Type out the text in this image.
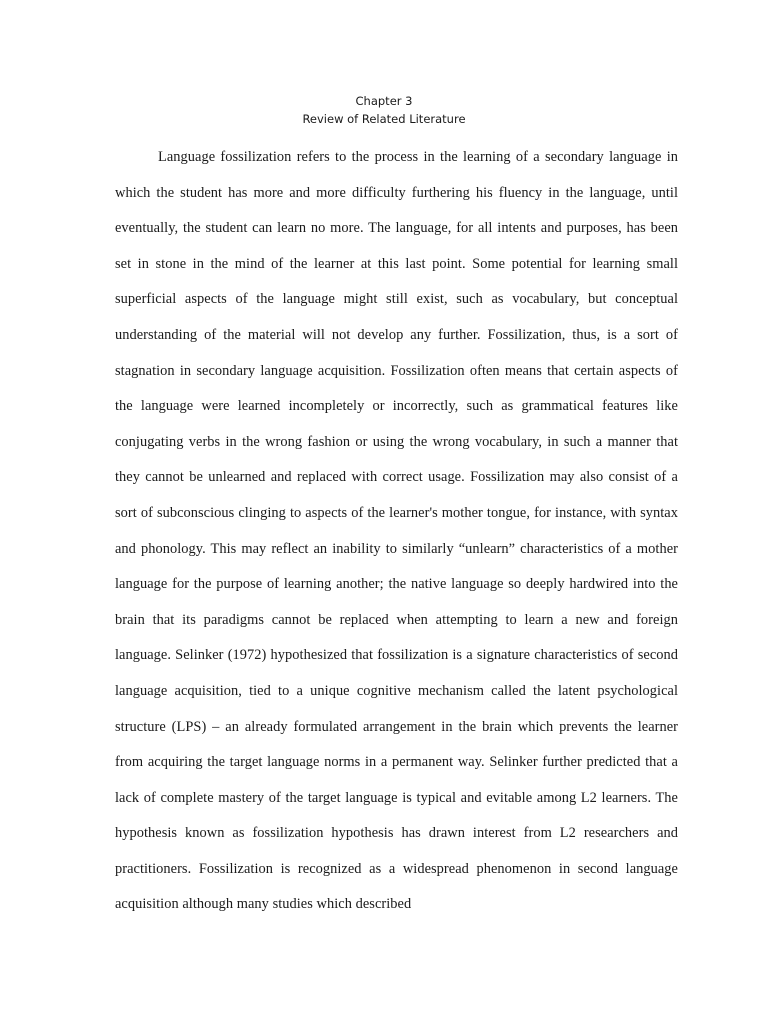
Chapter 3
Review of Related Literature

Language fossilization refers to the process in the learning of a secondary language in which the student has more and more difficulty furthering his fluency in the language, until eventually, the student can learn no more. The language, for all intents and purposes, has been set in stone in the mind of the learner at this last point. Some potential for learning small superficial aspects of the language might still exist, such as vocabulary, but conceptual understanding of the material will not develop any further. Fossilization, thus, is a sort of stagnation in secondary language acquisition. Fossilization often means that certain aspects of the language were learned incompletely or incorrectly, such as grammatical features like conjugating verbs in the wrong fashion or using the wrong vocabulary, in such a manner that they cannot be unlearned and replaced with correct usage. Fossilization may also consist of a sort of subconscious clinging to aspects of the learner's mother tongue, for instance, with syntax and phonology. This may reflect an inability to similarly “unlearn” characteristics of a mother language for the purpose of learning another; the native language so deeply hardwired into the brain that its paradigms cannot be replaced when attempting to learn a new and foreign language. Selinker (1972) hypothesized that fossilization is a signature characteristics of second language acquisition, tied to a unique cognitive mechanism called the latent psychological structure (LPS) – an already formulated arrangement in the brain which prevents the learner from acquiring the target language norms in a permanent way. Selinker further predicted that a lack of complete mastery of the target language is typical and evitable among L2 learners. The hypothesis known as fossilization hypothesis has drawn interest from L2 researchers and practitioners. Fossilization is recognized as a widespread phenomenon in second language acquisition although many studies which described
